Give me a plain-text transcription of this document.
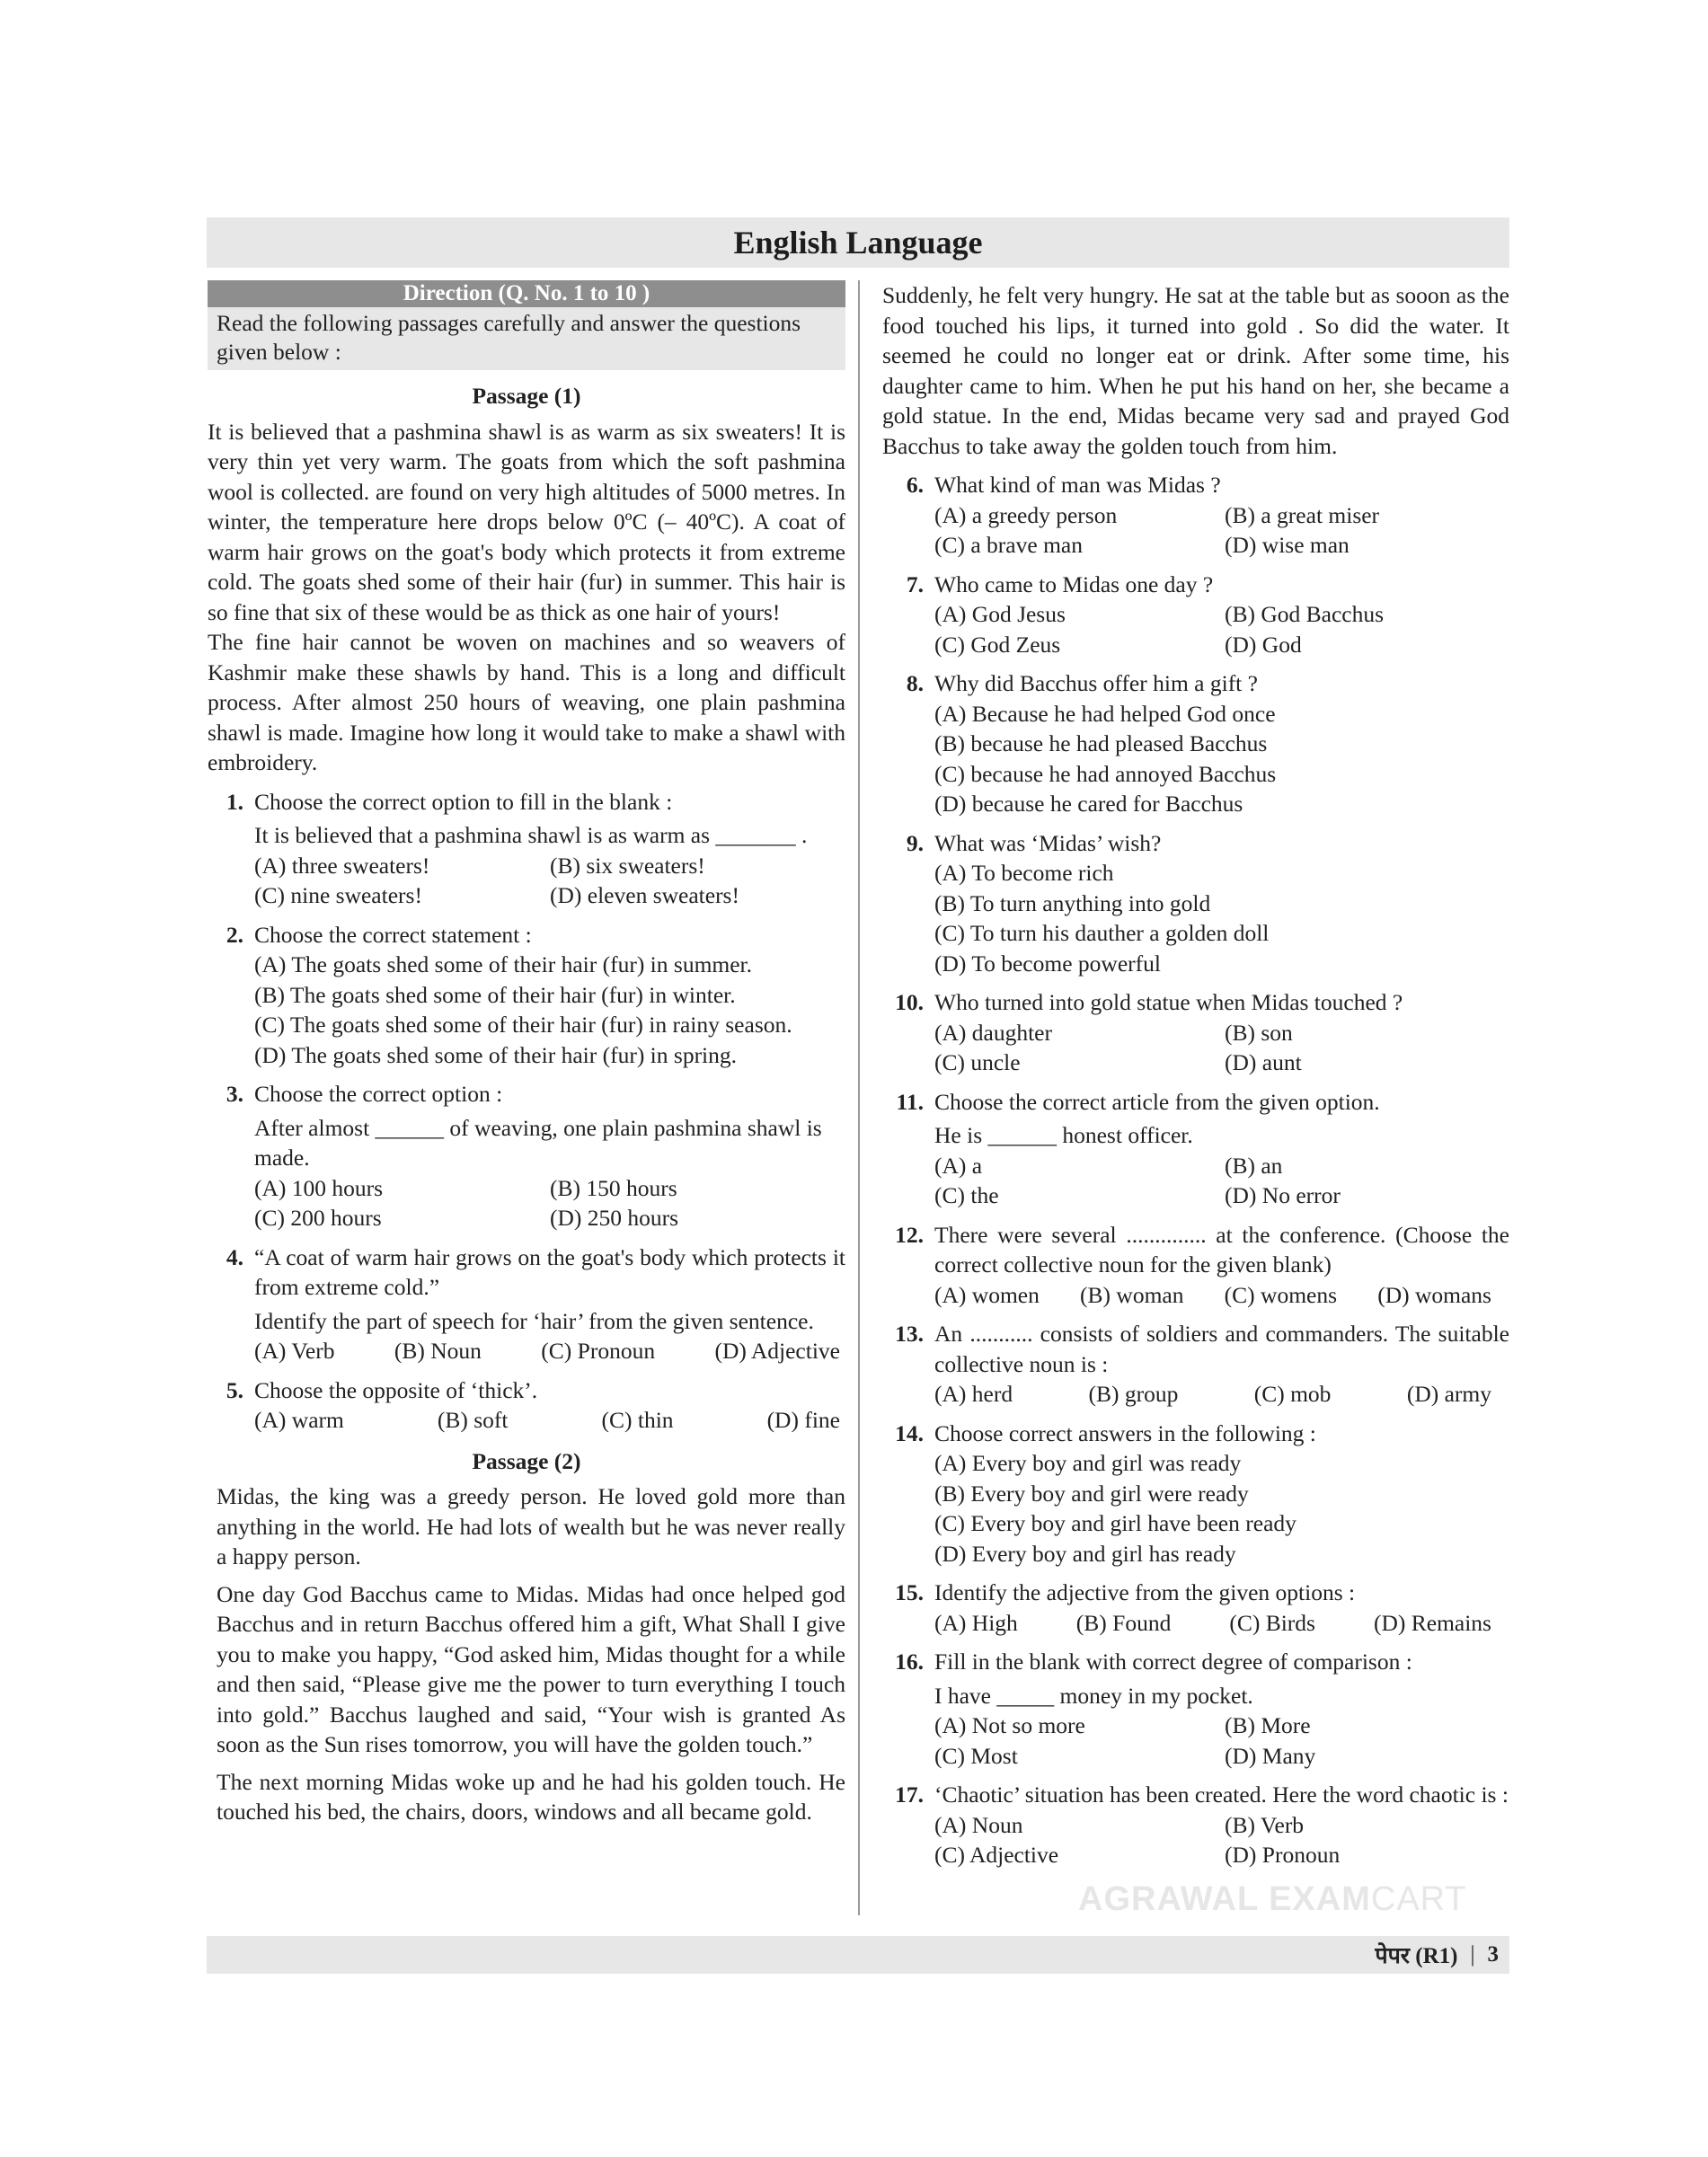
English Language
Direction (Q. No. 1 to 10 )
Read the following passages carefully and answer the questions given below :
Passage (1)

It is believed that a pashmina shawl is as warm as six sweaters! It is very thin yet very warm. The goats from which the soft pashmina wool is collected. are found on very high altitudes of 5000 metres. In winter, the temperature here drops below 0ºC (– 40ºC). A coat of warm hair grows on the goat's body which protects it from extreme cold. The goats shed some of their hair (fur) in summer. This hair is so fine that six of these would be as thick as one hair of yours!

The fine hair cannot be woven on machines and so weavers of Kashmir make these shawls by hand. This is a long and difficult process. After almost 250 hours of weaving, one plain pashmina shawl is made. Imagine how long it would take to make a shawl with embroidery.

1. Choose the correct option to fill in the blank :
It is believed that a pashmina shawl is as warm as _______ .
(A) three sweaters!	(B) six sweaters!
(C) nine sweaters!	(D) eleven sweaters!
2. Choose the correct statement :
(A) The goats shed some of their hair (fur) in summer.
(B) The goats shed some of their hair (fur) in winter.
(C) The goats shed some of their hair (fur) in rainy season.
(D) The goats shed some of their hair (fur) in spring.
3. Choose the correct option :
After almost ______ of weaving, one plain pashmina shawl is made.
(A) 100 hours	(B) 150 hours
(C) 200 hours	(D) 250 hours
4. “A coat of warm hair grows on the goat's body which protects it from extreme cold.”
Identify the part of speech for ‘hair’ from the given sentence.
(A) Verb	(B) Noun	(C) Pronoun	(D) Adjective
5. Choose the opposite of ‘thick’.
(A) warm	(B) soft	(C) thin	(D) fine
Passage (2)

Midas, the king was a greedy person. He loved gold more than anything in the world. He had lots of wealth but he was never really a happy person.

One day God Bacchus came to Midas. Midas had once helped god Bacchus and in return Bacchus offered him a gift, What Shall I give you to make you happy, “God asked him, Midas thought for a while and then said, “Please give me the power to turn everything I touch into gold.” Bacchus laughed and said, “Your wish is granted As soon as the Sun rises tomorrow, you will have the golden touch.”

The next morning Midas woke up and he had his golden touch. He touched his bed, the chairs, doors, windows and all became gold.

Suddenly, he felt very hungry. He sat at the table but as sooon as the food touched his lips, it turned into gold . So did the water. It seemed he could no longer eat or drink. After some time, his daughter came to him. When he put his hand on her, she became a gold statue. In the end, Midas became very sad and prayed God Bacchus to take away the golden touch from him.

6. What kind of man was Midas ?
(A) a greedy person	(B) a great miser
(C) a brave man	(D) wise man
7. Who came to Midas one day ?
(A) God Jesus	(B) God Bacchus
(C) God Zeus	(D) God
8. Why did Bacchus offer him a gift ?
(A) Because he had helped God once
(B) because he had pleased Bacchus
(C) because he had annoyed Bacchus
(D) because he cared for Bacchus
9. What was ‘Midas’ wish?
(A) To become rich
(B) To turn anything into gold
(C) To turn his dauther a golden doll
(D) To become powerful
10. Who turned into gold statue when Midas touched ?
(A) daughter	(B) son
(C) uncle	(D) aunt
11. Choose the correct article from the given option.
He is ______ honest officer.
(A) a	(B) an
(C) the	(D) No error
12. There were several .............. at the conference. (Choose the correct collective noun for the given blank)
(A) women (B) woman (C) womens (D) womans
13. An ........... consists of soldiers and commanders. The suitable collective noun is :
(A) herd	(B) group	(C) mob	(D) army
14. Choose correct answers in the following :
(A) Every boy and girl was ready
(B) Every boy and girl were ready
(C) Every boy and girl have been ready
(D) Every boy and girl has ready
15. Identify the adjective from the given options :
(A) High	(B) Found	(C) Birds	(D) Remains
16. Fill in the blank with correct degree of comparison :
I have _____ money in my pocket.
(A) Not so more	(B) More
(C) Most	(D) Many
17. ‘Chaotic’ situation has been created. Here the word chaotic is :
(A) Noun	(B) Verb
(C) Adjective	(D) Pronoun
AGRAWAL EXAMCART
पेपर (R1) | 3
